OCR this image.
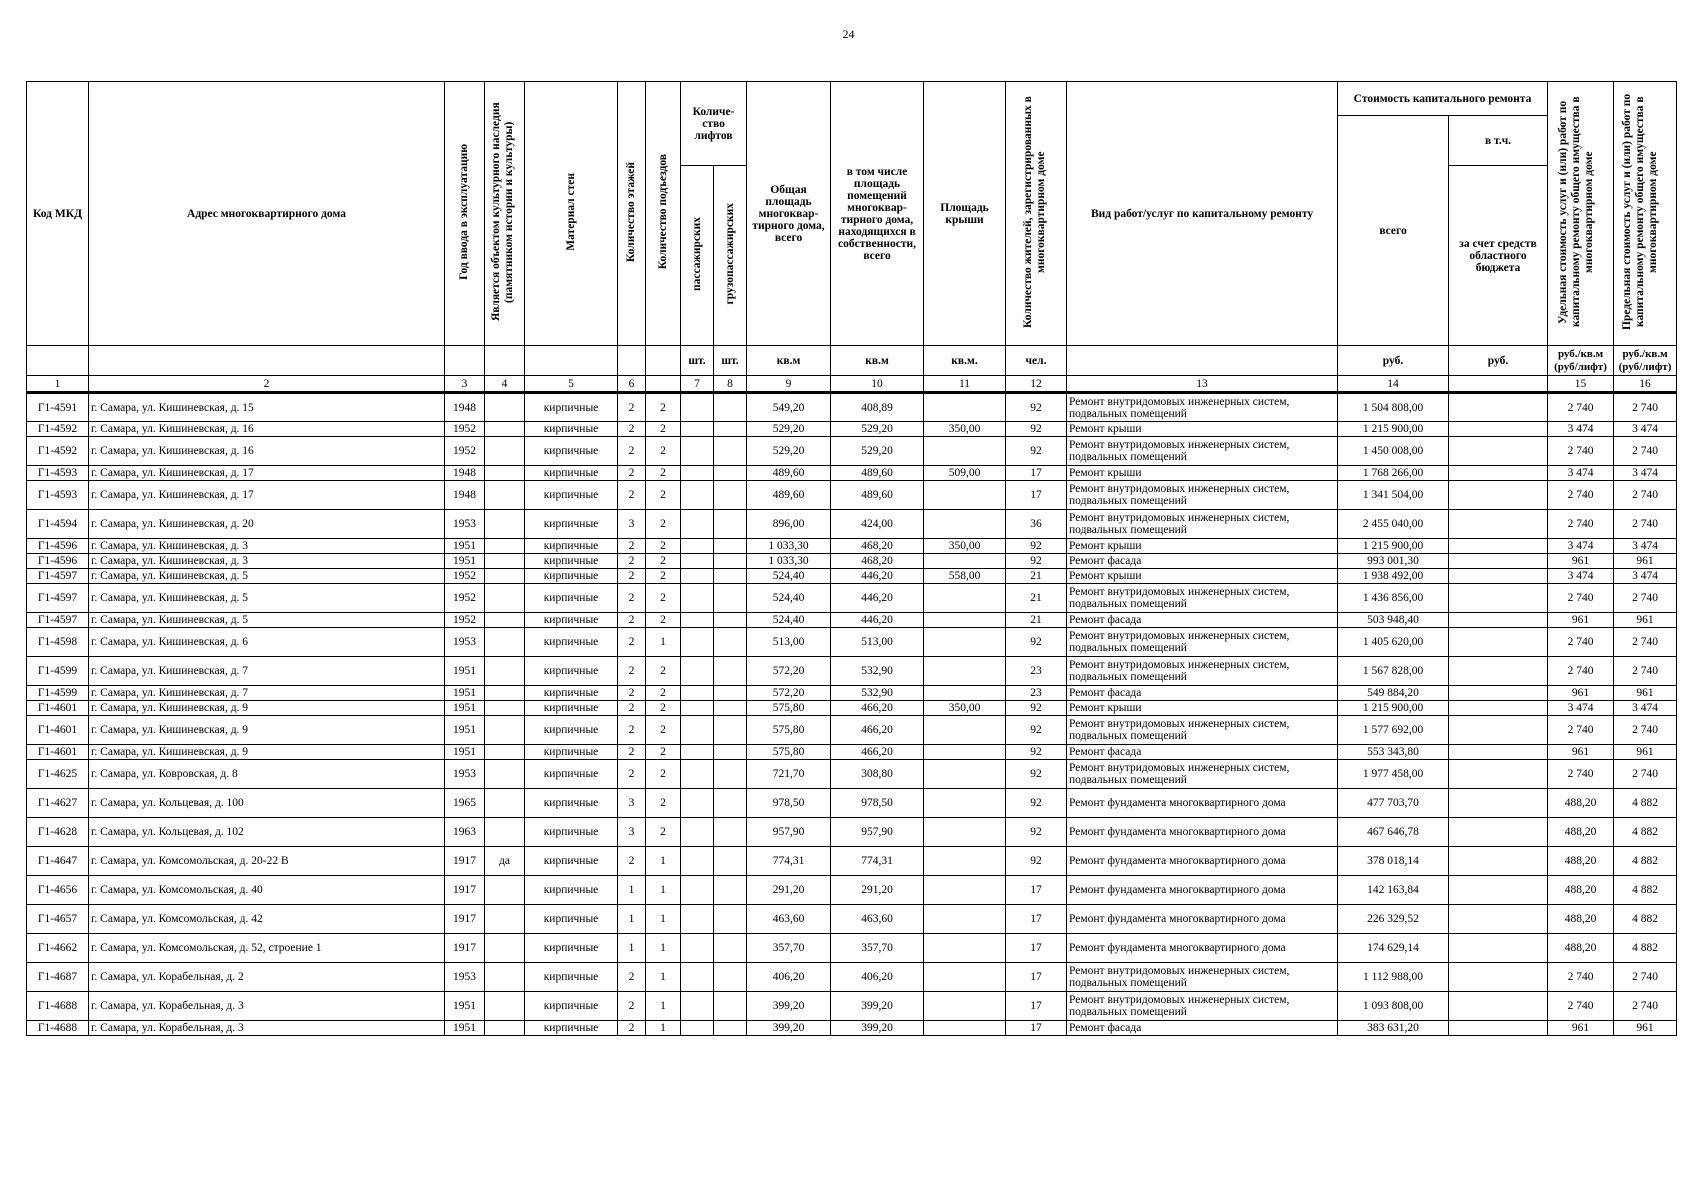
24
Код МКД	Адрес многоквартирного дома	Год ввода в эксплуатацию	Является объектом культурного наследия (памятником истории и культуры)	Материал стен	Количество этажей	Количество подъездов	Количе-ство лифтов		Общая площадь многоквар-тирного дома, всего	в том числе площадь помещений многоквар-тирного дома, находящихся в собственности, всего	Площадь крыши	Количество жителей, зарегистрированных в многоквартирном доме	Вид работ/услуг по капитальному ремонту	Стоимость капитального ремонта		Удельная стоимость услуг и (или) работ по капитальному ремонту общего имущества в многоквартирном доме	Предельная стоимость услуг и (или) работ по капитальному ремонту общего имущества в многоквартирном доме
														всего	в т.ч.		
							пассажирских	грузопассажирских							за счет средств областного бюджета		
							шт.	шт.	кв.м	кв.м	кв.м.	чел.		руб.	руб.	руб./кв.м (руб/лифт)	руб./кв.м (руб/лифт)
1	2	3	4	5	6		7	8	9	10	11	12	13	14		15	16
Г1-4591	г. Самара, ул. Кишиневская, д. 15	1948		кирпичные	2	2			549,20	408,89		92	Ремонт внутридомовых инженерных систем, подвальных помещений	1 504 808,00		2 740	2 740
Г1-4592	г. Самара, ул. Кишиневская, д. 16	1952		кирпичные	2	2			529,20	529,20	350,00	92	Ремонт крыши	1 215 900,00		3 474	3 474
Г1-4592	г. Самара, ул. Кишиневская, д. 16	1952		кирпичные	2	2			529,20	529,20		92	Ремонт внутридомовых инженерных систем, подвальных помещений	1 450 008,00		2 740	2 740
Г1-4593	г. Самара, ул. Кишиневская, д. 17	1948		кирпичные	2	2			489,60	489,60	509,00	17	Ремонт крыши	1 768 266,00		3 474	3 474
Г1-4593	г. Самара, ул. Кишиневская, д. 17	1948		кирпичные	2	2			489,60	489,60		17	Ремонт внутридомовых инженерных систем, подвальных помещений	1 341 504,00		2 740	2 740
Г1-4594	г. Самара, ул. Кишиневская, д. 20	1953		кирпичные	3	2			896,00	424,00		36	Ремонт внутридомовых инженерных систем, подвальных помещений	2 455 040,00		2 740	2 740
Г1-4596	г. Самара, ул. Кишиневская, д. 3	1951		кирпичные	2	2			1 033,30	468,20	350,00	92	Ремонт крыши	1 215 900,00		3 474	3 474
Г1-4596	г. Самара, ул. Кишиневская, д. 3	1951		кирпичные	2	2			1 033,30	468,20		92	Ремонт фасада	993 001,30		961	961
Г1-4597	г. Самара, ул. Кишиневская, д. 5	1952		кирпичные	2	2			524,40	446,20	558,00	21	Ремонт крыши	1 938 492,00		3 474	3 474
Г1-4597	г. Самара, ул. Кишиневская, д. 5	1952		кирпичные	2	2			524,40	446,20		21	Ремонт внутридомовых инженерных систем, подвальных помещений	1 436 856,00		2 740	2 740
Г1-4597	г. Самара, ул. Кишиневская, д. 5	1952		кирпичные	2	2			524,40	446,20		21	Ремонт фасада	503 948,40		961	961
Г1-4598	г. Самара, ул. Кишиневская, д. 6	1953		кирпичные	2	1			513,00	513,00		92	Ремонт внутридомовых инженерных систем, подвальных помещений	1 405 620,00		2 740	2 740
Г1-4599	г. Самара, ул. Кишиневская, д. 7	1951		кирпичные	2	2			572,20	532,90		23	Ремонт внутридомовых инженерных систем, подвальных помещений	1 567 828,00		2 740	2 740
Г1-4599	г. Самара, ул. Кишиневская, д. 7	1951		кирпичные	2	2			572,20	532,90		23	Ремонт фасада	549 884,20		961	961
Г1-4601	г. Самара, ул. Кишиневская, д. 9	1951		кирпичные	2	2			575,80	466,20	350,00	92	Ремонт крыши	1 215 900,00		3 474	3 474
Г1-4601	г. Самара, ул. Кишиневская, д. 9	1951		кирпичные	2	2			575,80	466,20		92	Ремонт внутридомовых инженерных систем, подвальных помещений	1 577 692,00		2 740	2 740
Г1-4601	г. Самара, ул. Кишиневская, д. 9	1951		кирпичные	2	2			575,80	466,20		92	Ремонт фасада	553 343,80		961	961
Г1-4625	г. Самара, ул. Ковровская, д. 8	1953		кирпичные	2	2			721,70	308,80		92	Ремонт внутридомовых инженерных систем, подвальных помещений	1 977 458,00		2 740	2 740
Г1-4627	г. Самара, ул. Кольцевая, д. 100	1965		кирпичные	3	2			978,50	978,50		92	Ремонт фундамента многоквартирного дома	477 703,70		488,20	4 882
Г1-4628	г. Самара, ул. Кольцевая, д. 102	1963		кирпичные	3	2			957,90	957,90		92	Ремонт фундамента многоквартирного дома	467 646,78		488,20	4 882
Г1-4647	г. Самара, ул. Комсомольская, д. 20-22 В	1917	да	кирпичные	2	1			774,31	774,31		92	Ремонт фундамента многоквартирного дома	378 018,14		488,20	4 882
Г1-4656	г. Самара, ул. Комсомольская, д. 40	1917		кирпичные	1	1			291,20	291,20		17	Ремонт фундамента многоквартирного дома	142 163,84		488,20	4 882
Г1-4657	г. Самара, ул. Комсомольская, д. 42	1917		кирпичные	1	1			463,60	463,60		17	Ремонт фундамента многоквартирного дома	226 329,52		488,20	4 882
Г1-4662	г. Самара, ул. Комсомольская, д. 52, строение 1	1917		кирпичные	1	1			357,70	357,70		17	Ремонт фундамента многоквартирного дома	174 629,14		488,20	4 882
Г1-4687	г. Самара, ул. Корабельная, д. 2	1953		кирпичные	2	1			406,20	406,20		17	Ремонт внутридомовых инженерных систем, подвальных помещений	1 112 988,00		2 740	2 740
Г1-4688	г. Самара, ул. Корабельная, д. 3	1951		кирпичные	2	1			399,20	399,20		17	Ремонт внутридомовых инженерных систем, подвальных помещений	1 093 808,00		2 740	2 740
Г1-4688	г. Самара, ул. Корабельная, д. 3	1951		кирпичные	2	1			399,20	399,20		17	Ремонт фасада	383 631,20		961	961
